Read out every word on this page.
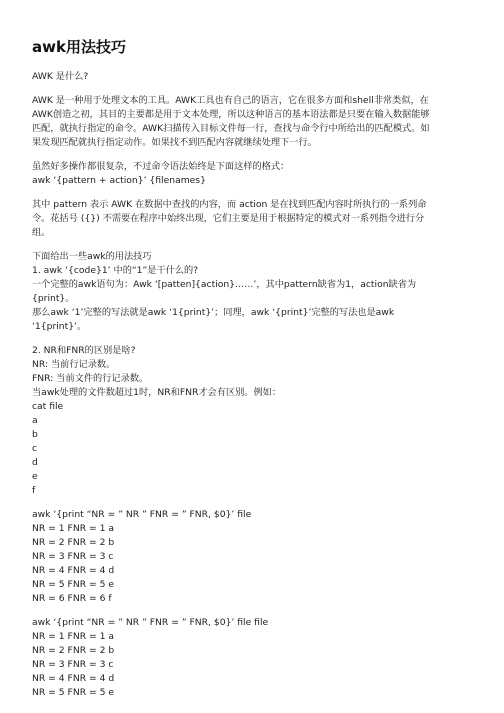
awk用法技巧
AWK 是什么?
AWK 是一种用于处理文本的工具。AWK工具也有自己的语言，它在很多方面和shell非常类似，在
AWK创造之初，其目的主要都是用于文本处理，所以这种语言的基本语法都是只要在输入数据能够
匹配，就执行指定的命令。AWK扫描传入目标文件每一行，查找与命令行中所给出的匹配模式。如
果发现匹配就执行指定动作。如果找不到匹配内容就继续处理下一行。
虽然好多操作都很复杂，不过命令语法始终是下面这样的格式：
awk ‘{pattern + action}’ {filenames}
其中 pattern 表示 AWK 在数据中查找的内容，而 action 是在找到匹配内容时所执行的一系列命
令。花括号 ({}) 不需要在程序中始终出现，它们主要是用于根据特定的模式对一系列指令进行分
组。
下面给出一些awk的用法技巧
1. awk ‘{code}1’ 中的“1”是干什么的?
一个完整的awk语句为：Awk ‘[patten]{action}……’，其中pattern缺省为1，action缺省为
{print}。
那么awk ‘1’完整的写法就是awk ‘1{print}’；同理，awk ‘{print}’完整的写法也是awk
‘1{print}’。
2. NR和FNR的区别是啥?
NR: 当前行记录数。
FNR: 当前文件的行记录数。
当awk处理的文件数超过1时，NR和FNR才会有区别。例如：
cat file
a
b
c
d
e
f
awk ‘{print “NR = ” NR ” FNR = ” FNR, $0}’ file
NR = 1 FNR = 1 a
NR = 2 FNR = 2 b
NR = 3 FNR = 3 c
NR = 4 FNR = 4 d
NR = 5 FNR = 5 e
NR = 6 FNR = 6 f
awk ‘{print “NR = ” NR ” FNR = ” FNR, $0}’ file file
NR = 1 FNR = 1 a
NR = 2 FNR = 2 b
NR = 3 FNR = 3 c
NR = 4 FNR = 4 d
NR = 5 FNR = 5 e
